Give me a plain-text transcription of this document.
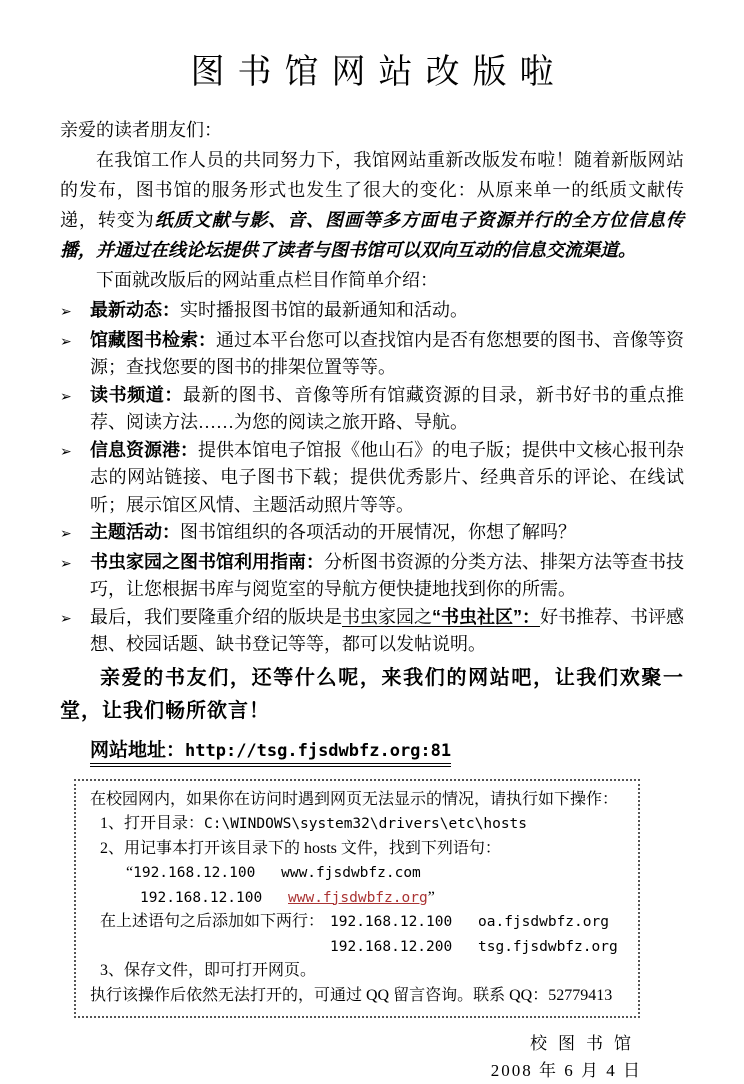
图书馆网站改版啦

亲爱的读者朋友们：

在我馆工作人员的共同努力下，我馆网站重新改版发布啦！随着新版网站的发布，图书馆的服务形式也发生了很大的变化：从原来单一的纸质文献传递，转变为纸质文献与影、音、图画等多方面电子资源并行的全方位信息传播，并通过在线论坛提供了读者与图书馆可以双向互动的信息交流渠道。

下面就改版后的网站重点栏目作简单介绍：

➢	最新动态：实时播报图书馆的最新通知和活动。
➢	馆藏图书检索：通过本平台您可以查找馆内是否有您想要的图书、音像等资源；查找您要的图书的排架位置等等。
➢	读书频道：最新的图书、音像等所有馆藏资源的目录，新书好书的重点推荐、阅读方法……为您的阅读之旅开路、导航。
➢	信息资源港：提供本馆电子馆报《他山石》的电子版；提供中文核心报刊杂志的网站链接、电子图书下载；提供优秀影片、经典音乐的评论、在线试听；展示馆区风情、主题活动照片等等。
➢	主题活动：图书馆组织的各项活动的开展情况，你想了解吗？
➢	书虫家园之图书馆利用指南：分析图书资源的分类方法、排架方法等查书技巧，让您根据书库与阅览室的导航方便快捷地找到你的所需。
➢	最后，我们要隆重介绍的版块是书虫家园之“书虫社区”：好书推荐、书评感想、校园话题、缺书登记等等，都可以发帖说明。

亲爱的书友们，还等什么呢，来我们的网站吧，让我们欢聚一堂，让我们畅所欲言！

网站地址：http://tsg.fjsdwbfz.org:81

在校园网内，如果你在访问时遇到网页无法显示的情况，请执行如下操作：

1、打开目录：C:\WINDOWS\system32\drivers\etc\hosts

2、用记事本打开该目录下的 hosts 文件，找到下列语句：

“192.168.12.100 www.fjsdwbfz.com

192.168.12.100 www.fjsdwbfz.org”

在上述语句之后添加如下两行： 192.168.12.100 oa.fjsdwbfz.org

192.168.12.200 tsg.fjsdwbfz.org

3、保存文件，即可打开网页。

执行该操作后依然无法打开的，可通过 QQ 留言咨询。联系 QQ：52779413

校图书馆

2008 年 6 月 4 日
